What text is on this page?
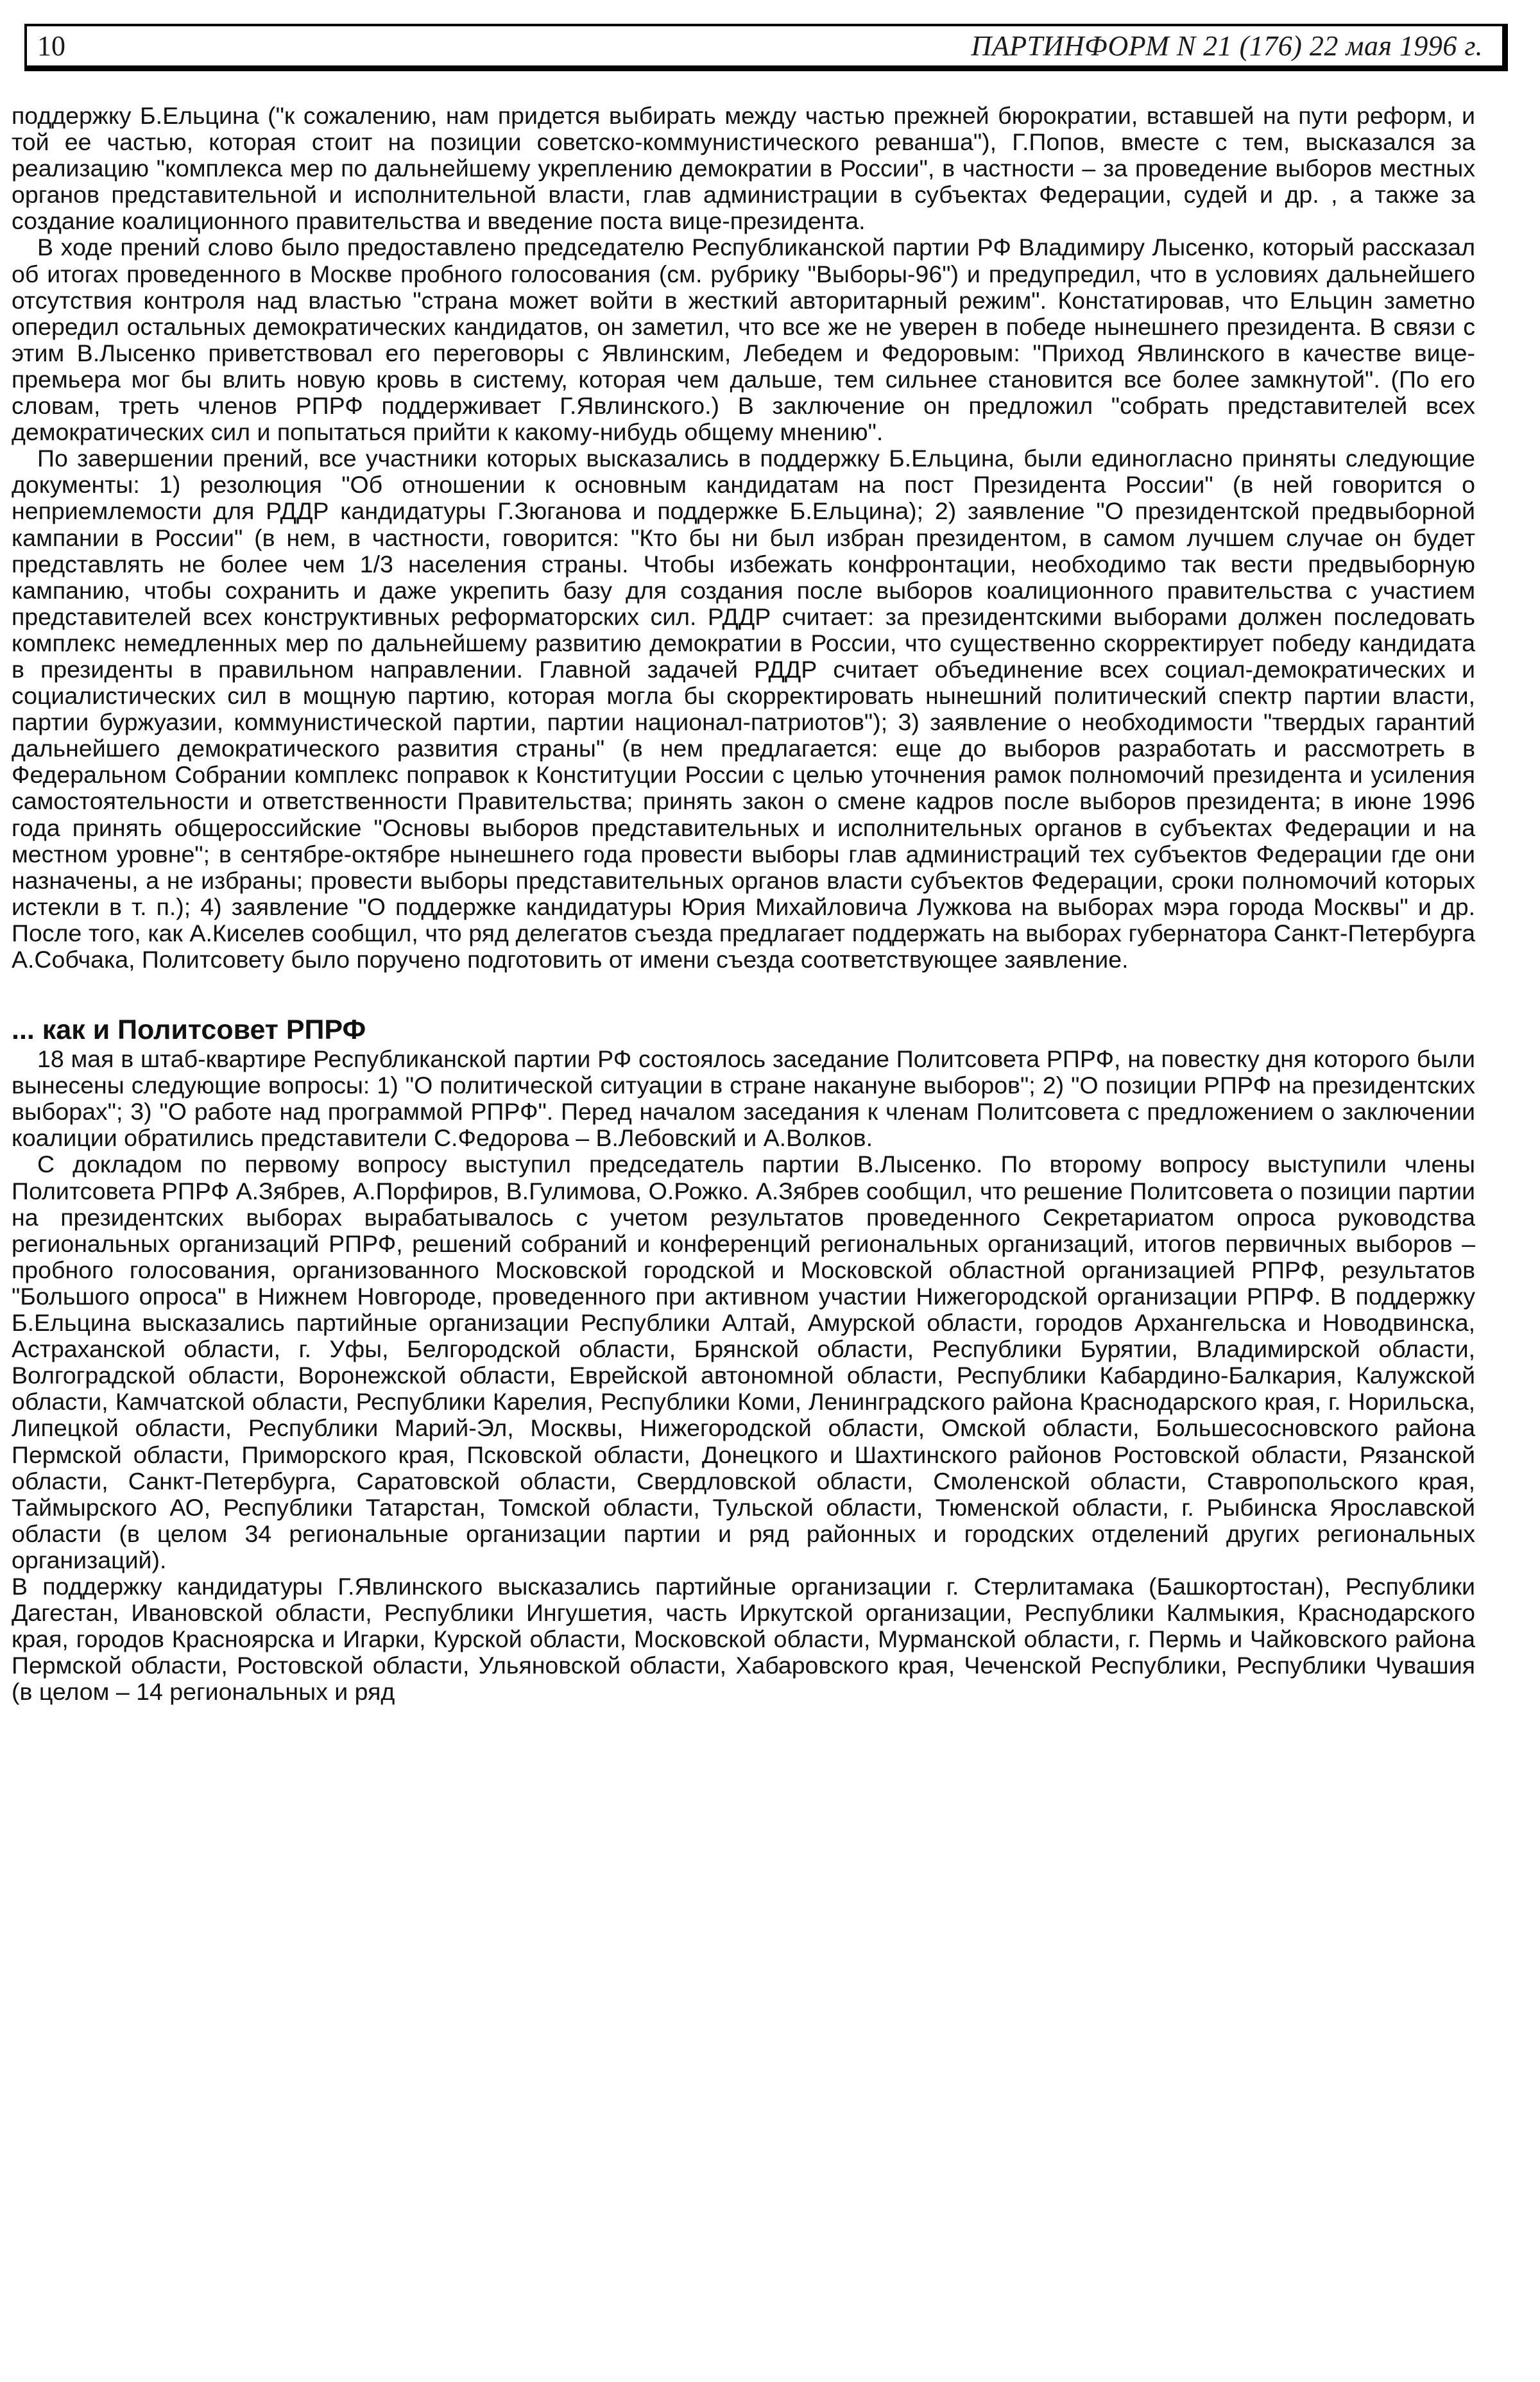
10	ПАРТИНФОРМ N 21 (176) 22 мая 1996 г.

поддержку Б.Ельцина ("к сожалению, нам придется выбирать между частью прежней бюрократии, вставшей на пути реформ, и той ее частью, которая стоит на позиции советско-коммунистического реванша"), Г.Попов, вместе с тем, высказался за реализацию "комплекса мер по дальнейшему укреплению демократии в России", в частности – за проведение выборов местных органов представительной и исполнительной власти, глав администрации в субъектах Федерации, судей и др. , а также за создание коалиционного правительства и введение поста вице-президента.

В ходе прений слово было предоставлено председателю Республиканской партии РФ Владимиру Лысенко, который рассказал об итогах проведенного в Москве пробного голосования (см. рубрику "Выборы-96") и предупредил, что в условиях дальнейшего отсутствия контроля над властью "страна может войти в жесткий авторитарный режим". Констатировав, что Ельцин заметно опередил остальных демократических кандидатов, он заметил, что все же не уверен в победе нынешнего президента. В связи с этим В.Лысенко приветствовал его переговоры с Явлинским, Лебедем и Федоровым: "Приход Явлинского в качестве вице-премьера мог бы влить новую кровь в систему, которая чем дальше, тем сильнее становится все более замкнутой". (По его словам, треть членов РПРФ поддерживает Г.Явлинского.) В заключение он предложил "собрать представителей всех демократических сил и попытаться прийти к какому-нибудь общему мнению".

По завершении прений, все участники которых высказались в поддержку Б.Ельцина, были единогласно приняты следующие документы: 1) резолюция "Об отношении к основным кандидатам на пост Президента России" (в ней говорится о неприемлемости для РДДР кандидатуры Г.Зюганова и поддержке Б.Ельцина); 2) заявление "О президентской предвыборной кампании в России" (в нем, в частности, говорится: "Кто бы ни был избран президентом, в самом лучшем случае он будет представлять не более чем 1/3 населения страны. Чтобы избежать конфронтации, необходимо так вести предвыборную кампанию, чтобы сохранить и даже укрепить базу для создания после выборов коалиционного правительства с участием представителей всех конструктивных реформаторских сил. РДДР считает: за президентскими выборами должен последовать комплекс немедленных мер по дальнейшему развитию демократии в России, что существенно скорректирует победу кандидата в президенты в правильном направлении. Главной задачей РДДР считает объединение всех социал-демократических и социалистических сил в мощную партию, которая могла бы скорректировать нынешний политический спектр партии власти, партии буржуазии, коммунистической партии, партии национал-патриотов"); 3) заявление о необходимости "твердых гарантий дальнейшего демократического развития страны" (в нем предлагается: еще до выборов разработать и рассмотреть в Федеральном Собрании комплекс поправок к Конституции России с целью уточнения рамок полномочий президента и усиления самостоятельности и ответственности Правительства; принять закон о смене кадров после выборов президента; в июне 1996 года принять общероссийские "Основы выборов представительных и исполнительных органов в субъектах Федерации и на местном уровне"; в сентябре-октябре нынешнего года провести выборы глав администраций тех субъектов Федерации где они назначены, а не избраны; провести выборы представительных органов власти субъектов Федерации, сроки полномочий которых истекли в т. п.); 4) заявление "О поддержке кандидатуры Юрия Михайловича Лужкова на выборах мэра города Москвы" и др. После того, как А.Киселев сообщил, что ряд делегатов съезда предлагает поддержать на выборах губернатора Санкт-Петербурга А.Собчака, Политсовету было поручено подготовить от имени съезда соответствующее заявление.

... как и Политсовет РПРФ

18 мая в штаб-квартире Республиканской партии РФ состоялось заседание Политсовета РПРФ, на повестку дня которого были вынесены следующие вопросы: 1) "О политической ситуации в стране накануне выборов"; 2) "О позиции РПРФ на президентских выборах"; 3) "О работе над программой РПРФ". Перед началом заседания к членам Политсовета с предложением о заключении коалиции обратились представители С.Федорова – В.Лебовский и А.Волков.

С докладом по первому вопросу выступил председатель партии В.Лысенко. По второму вопросу выступили члены Политсовета РПРФ А.Зябрев, А.Порфиров, В.Гулимова, О.Рожко. А.Зябрев сообщил, что решение Политсовета о позиции партии на президентских выборах вырабатывалось с учетом результатов проведенного Секретариатом опроса руководства региональных организаций РПРФ, решений собраний и конференций региональных организаций, итогов первичных выборов – пробного голосования, организованного Московской городской и Московской областной организацией РПРФ, результатов "Большого опроса" в Нижнем Новгороде, проведенного при активном участии Нижегородской организации РПРФ. В поддержку Б.Ельцина высказались партийные организации Республики Алтай, Амурской области, городов Архангельска и Новодвинска, Астраханской области, г. Уфы, Белгородской области, Брянской области, Республики Бурятии, Владимирской области, Волгоградской области, Воронежской области, Еврейской автономной области, Республики Кабардино-Балкария, Калужской области, Камчатской области, Республики Карелия, Республики Коми, Ленинградского района Краснодарского края, г. Норильска, Липецкой области, Республики Марий-Эл, Москвы, Нижегородской области, Омской области, Большесосновского района Пермской области, Приморского края, Псковской области, Донецкого и Шахтинского районов Ростовской области, Рязанской области, Санкт-Петербурга, Саратовской области, Свердловской области, Смоленской области, Ставропольского края, Таймырского АО, Республики Татарстан, Томской области, Тульской области, Тюменской области, г. Рыбинска Ярославской области (в целом 34 региональные организации партии и ряд районных и городских отделений других региональных организаций).

В поддержку кандидатуры Г.Явлинского высказались партийные организации г. Стерлитамака (Башкортостан), Республики Дагестан, Ивановской области, Республики Ингушетия, часть Иркутской организации, Республики Калмыкия, Краснодарского края, городов Красноярска и Игарки, Курской области, Московской области, Мурманской области, г. Пермь и Чайковского района Пермской области, Ростовской области, Ульяновской области, Хабаровского края, Чеченской Республики, Республики Чувашия (в целом – 14 региональных и ряд
